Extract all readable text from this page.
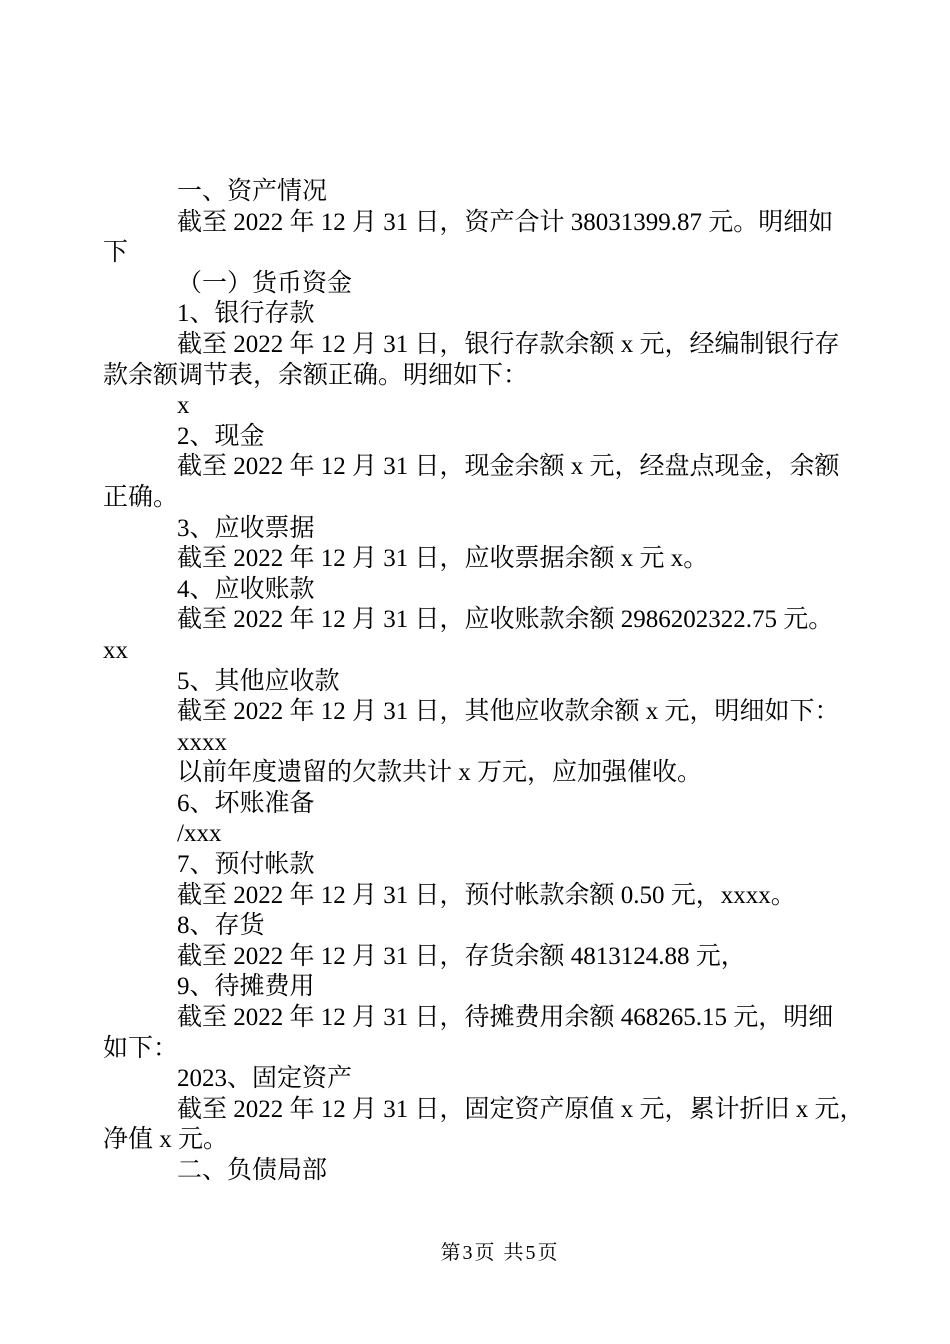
一、资产情况
截至 2022 年 12 月 31 日，资产合计 38031399.87 元。明细如
下
（一）货币资金
1、银行存款
截至 2022 年 12 月 31 日，银行存款余额 x 元，经编制银行存
款余额调节表，余额正确。明细如下：
x
2、现金
截至 2022 年 12 月 31 日，现金余额 x 元，经盘点现金，余额
正确。
3、应收票据
截至 2022 年 12 月 31 日，应收票据余额 x 元 x。
4、应收账款
截至 2022 年 12 月 31 日，应收账款余额 2986202322.75 元。
xx
5、其他应收款
截至 2022 年 12 月 31 日，其他应收款余额 x 元，明细如下：
xxxx
以前年度遗留的欠款共计 x 万元，应加强催收。
6、坏账准备
/xxx
7、预付帐款
截至 2022 年 12 月 31 日，预付帐款余额 0.50 元，xxxx。
8、存货
截至 2022 年 12 月 31 日，存货余额 4813124.88 元，
9、待摊费用
截至 2022 年 12 月 31 日，待摊费用余额 468265.15 元，明细
如下：
2023、固定资产
截至 2022 年 12 月 31 日，固定资产原值 x 元，累计折旧 x 元，
净值 x 元。
二、负债局部
第3页 共5页
